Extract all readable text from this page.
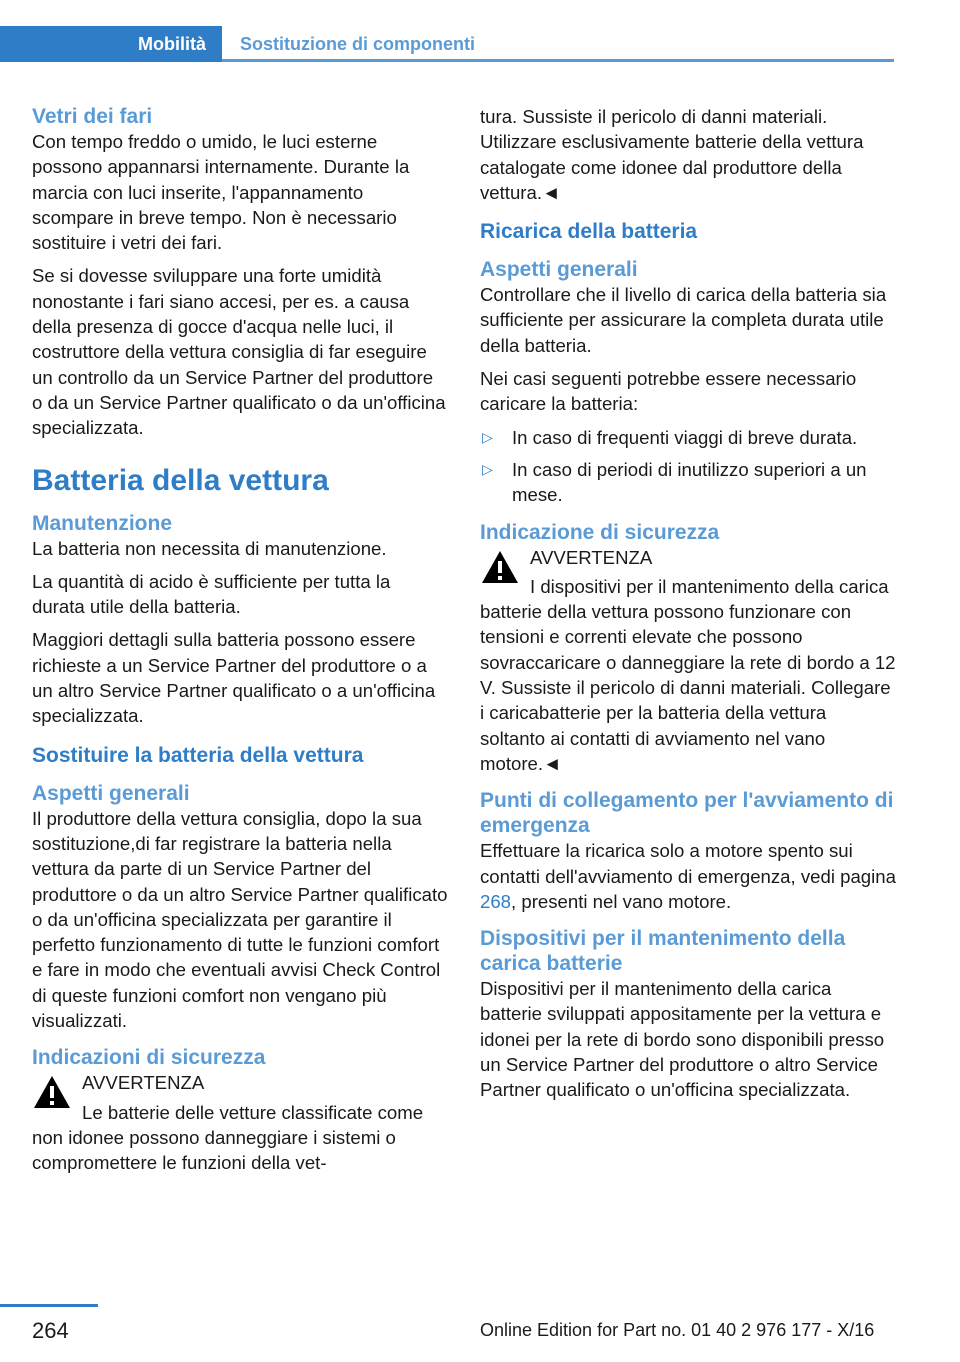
Mobilità Sostituzione di componenti
Vetri dei fari

Con tempo freddo o umido, le luci esterne possono appannarsi internamente. Durante la marcia con luci inserite, l'appannamento scompare in breve tempo. Non è necessario sostituire i vetri dei fari.

Se si dovesse sviluppare una forte umidità nonostante i fari siano accesi, per es. a causa della presenza di gocce d'acqua nelle luci, il costruttore della vettura consiglia di far eseguire un controllo da un Service Partner del produttore o da un Service Partner qualificato o da un'officina specializzata.

Batteria della vettura
Manutenzione

La batteria non necessita di manutenzione.

La quantità di acido è sufficiente per tutta la durata utile della batteria.

Maggiori dettagli sulla batteria possono essere richieste a un Service Partner del produttore o a un altro Service Partner qualificato o a un'officina specializzata.

Sostituire la batteria della vettura
Aspetti generali

Il produttore della vettura consiglia, dopo la sua sostituzione,di far registrare la batteria nella vettura da parte di un Service Partner del produttore o da un altro Service Partner qualificato o da un'officina specializzata per garantire il perfetto funzionamento di tutte le funzioni comfort e fare in modo che eventuali avvisi Check Control di queste funzioni comfort non vengano più visualizzati.

Indicazioni di sicurezza
AVVERTENZA

Le batterie delle vetture classificate come non idonee possono danneggiare i sistemi o compromettere le funzioni della vet-

tura. Sussiste il pericolo di danni materiali. Utilizzare esclusivamente batterie della vettura catalogate come idonee dal produttore della vettura.◄

Ricarica della batteria
Aspetti generali

Controllare che il livello di carica della batteria sia sufficiente per assicurare la completa durata utile della batteria.

Nei casi seguenti potrebbe essere necessario caricare la batteria:

▷ In caso di frequenti viaggi di breve durata.
▷ In caso di periodi di inutilizzo superiori a un mese.
Indicazione di sicurezza
AVVERTENZA

I dispositivi per il mantenimento della carica batterie della vettura possono funzionare con tensioni e correnti elevate che possono sovraccaricare o danneggiare la rete di bordo a 12 V. Sussiste il pericolo di danni materiali. Collegare i caricabatterie per la batteria della vettura soltanto ai contatti di avviamento nel vano motore.◄

Punti di collegamento per l'avviamento di emergenza

Effettuare la ricarica solo a motore spento sui contatti dell'avviamento di emergenza, vedi pagina 268, presenti nel vano motore.

Dispositivi per il mantenimento della carica batterie

Dispositivi per il mantenimento della carica batterie sviluppati appositamente per la vettura e idonei per la rete di bordo sono disponibili presso un Service Partner del produttore o altro Service Partner qualificato o un'officina specializzata.

264	Online Edition for Part no. 01 40 2 976 177 - X/16
